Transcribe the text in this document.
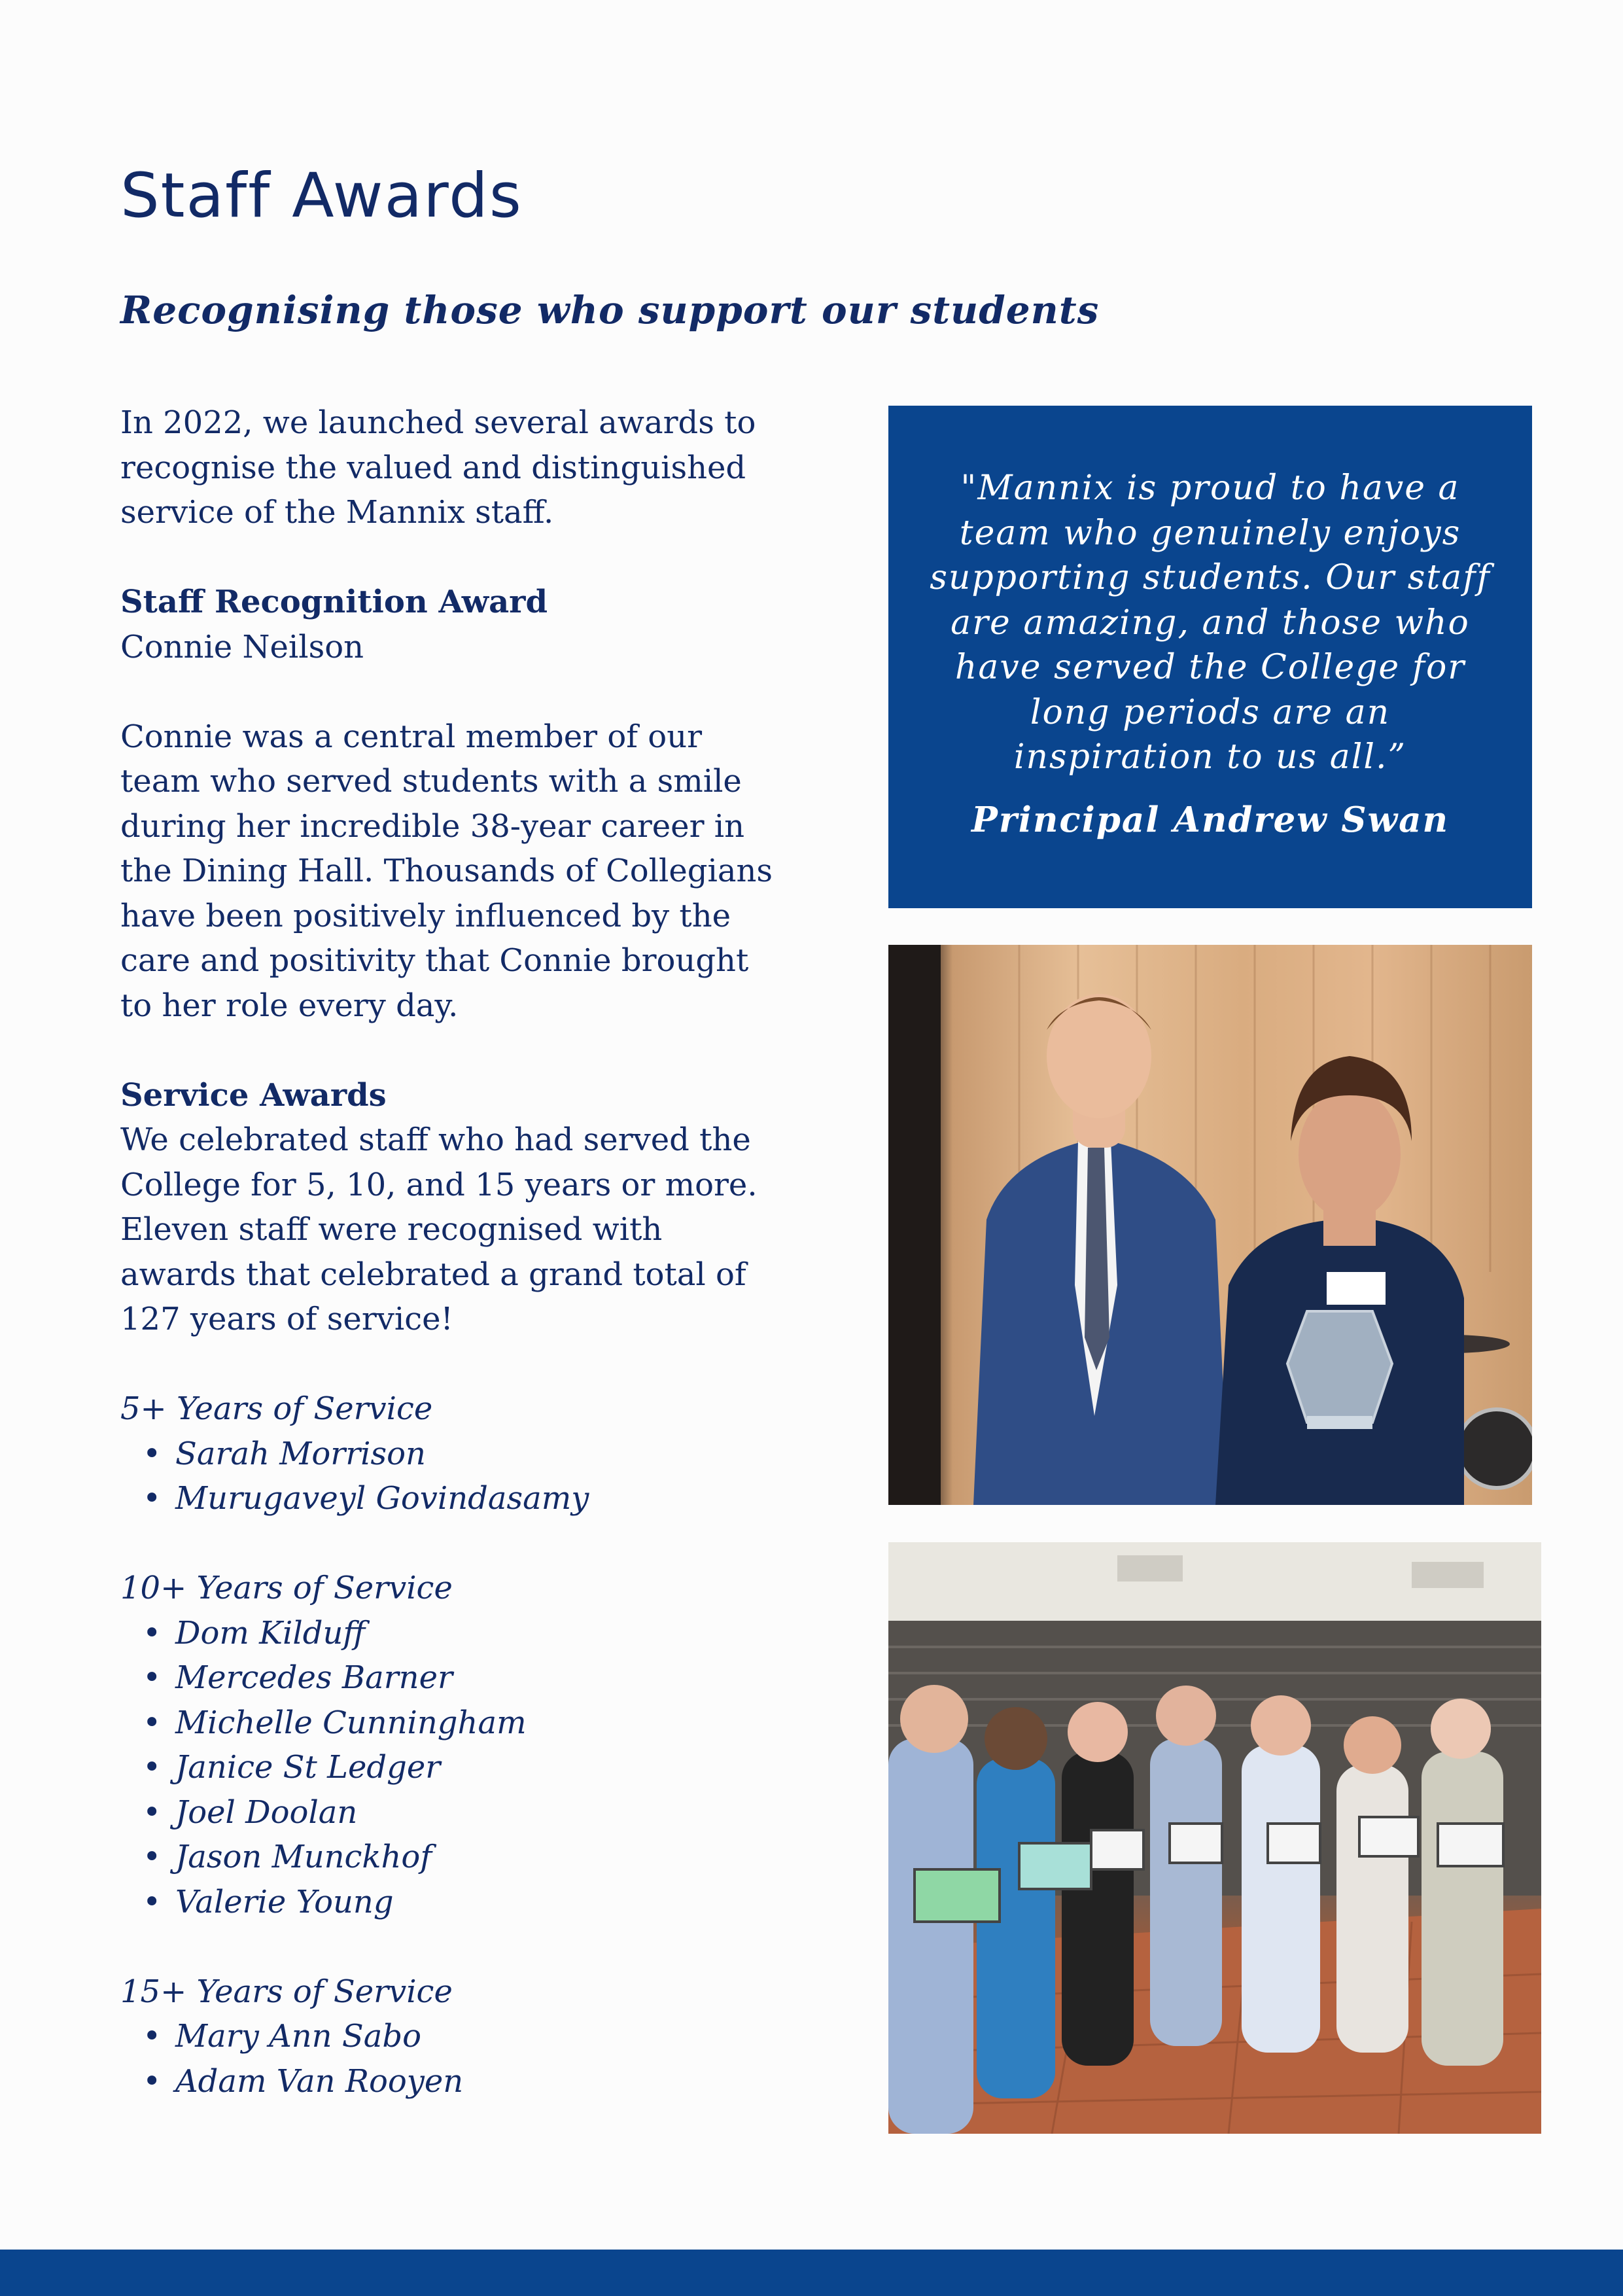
Staff Awards
Recognising those who support our students

In 2022, we launched several awards to

recognise the valued and distinguished

service of the Mannix staff.

Staff Recognition Award

Connie Neilson

Connie was a central member of our

team who served students with a smile

during her incredible 38-year career in

the Dining Hall. Thousands of Collegians

have been positively influenced by the

care and positivity that Connie brought

to her role every day.

Service Awards

We celebrated staff who had served the

College for 5, 10, and 15 years or more.

Eleven staff were recognised with

awards that celebrated a grand total of

127 years of service!

5+ Years of Service

• Sarah Morrison
• Murugaveyl Govindasamy

10+ Years of Service

• Dom Kilduff
• Mercedes Barner
• Michelle Cunningham
• Janice St Ledger
• Joel Doolan
• Jason Munckhof
• Valerie Young

15+ Years of Service

• Mary Ann Sabo
• Adam Van Rooyen

"Mannix is proud to have a
team who genuinely enjoys
supporting students. Our staff
are amazing, and those who
have served the College for
long periods are an
inspiration to us all.”

Principal Andrew Swan
